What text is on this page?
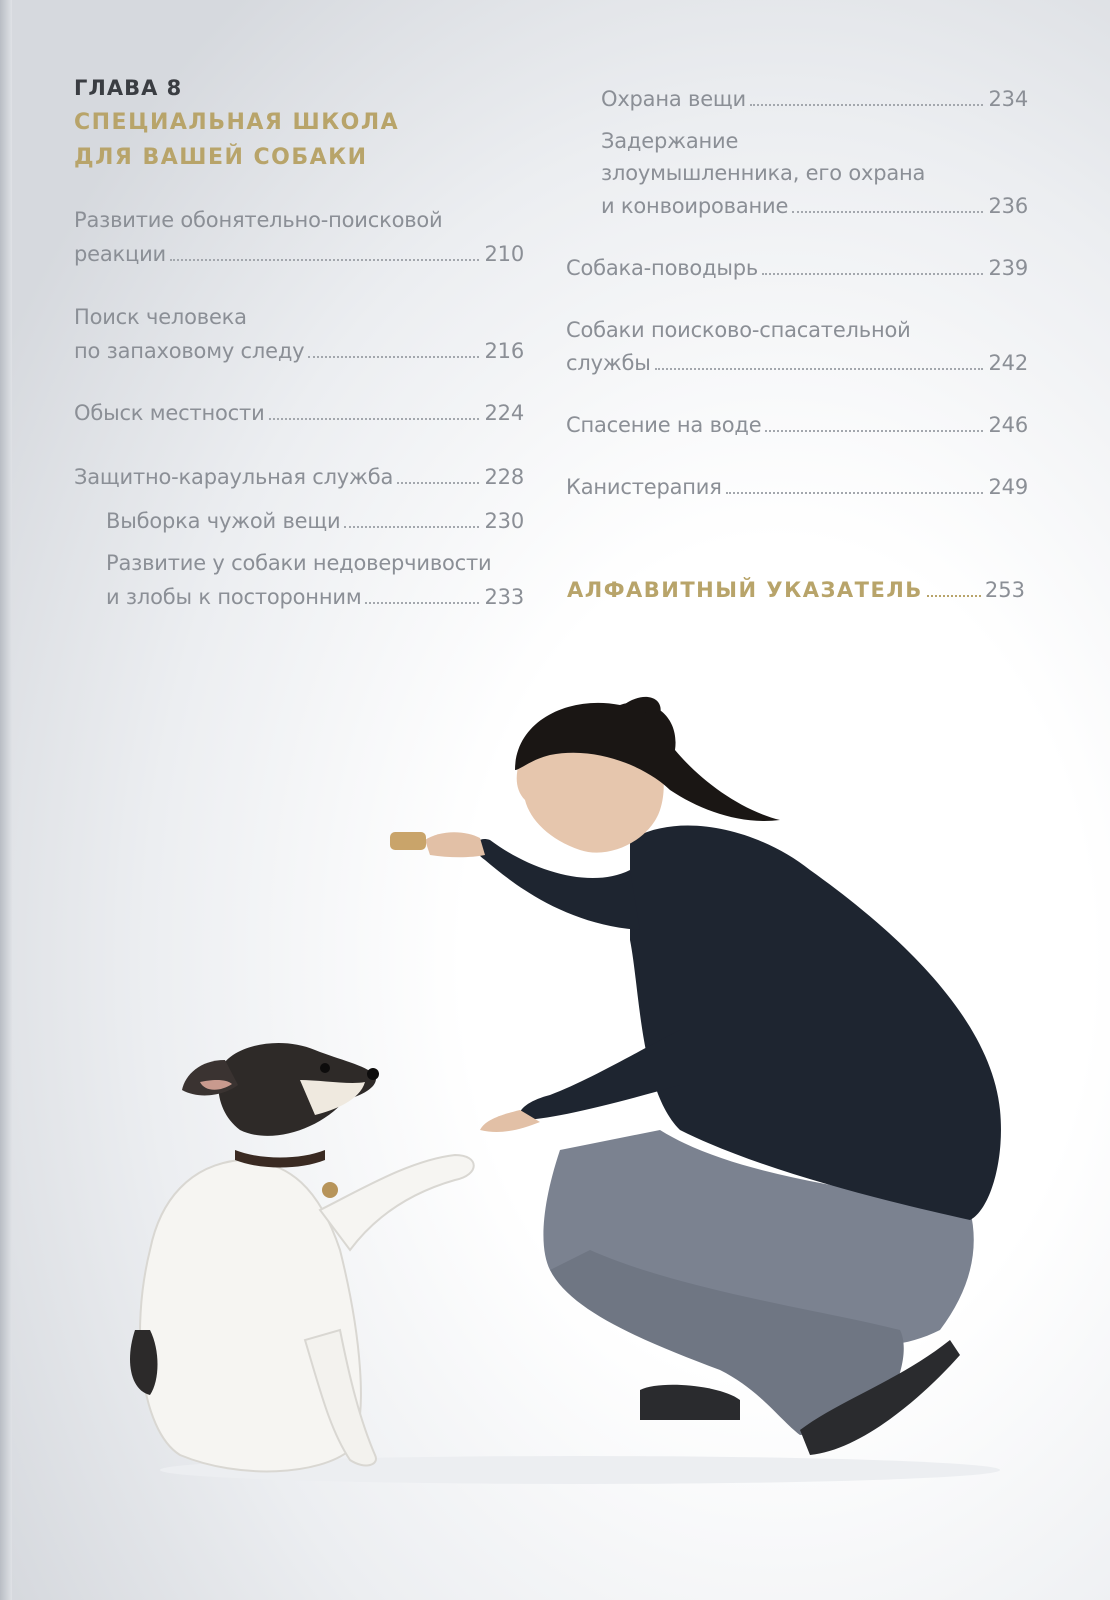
ГЛАВА 8
СПЕЦИАЛЬНАЯ ШКОЛА
ДЛЯ ВАШЕЙ СОБАКИ
Развитие обонятельно-поисковой
реакции	210
Поиск человека
по запаховому следу	216
Обыск местности	224
Защитно-караульная служба	228
Выборка чужой вещи	230
Развитие у собаки недоверчивости
и злобы к посторонним	233
Охрана вещи	234
Задержание
злоумышленника, его охрана
и конвоирование	236
Собака-поводырь	239
Собаки поисково-спасательной
службы	242
Спасение на воде	246
Канистерапия	249
АЛФАВИТНЫЙ УКАЗАТЕЛЬ	253
